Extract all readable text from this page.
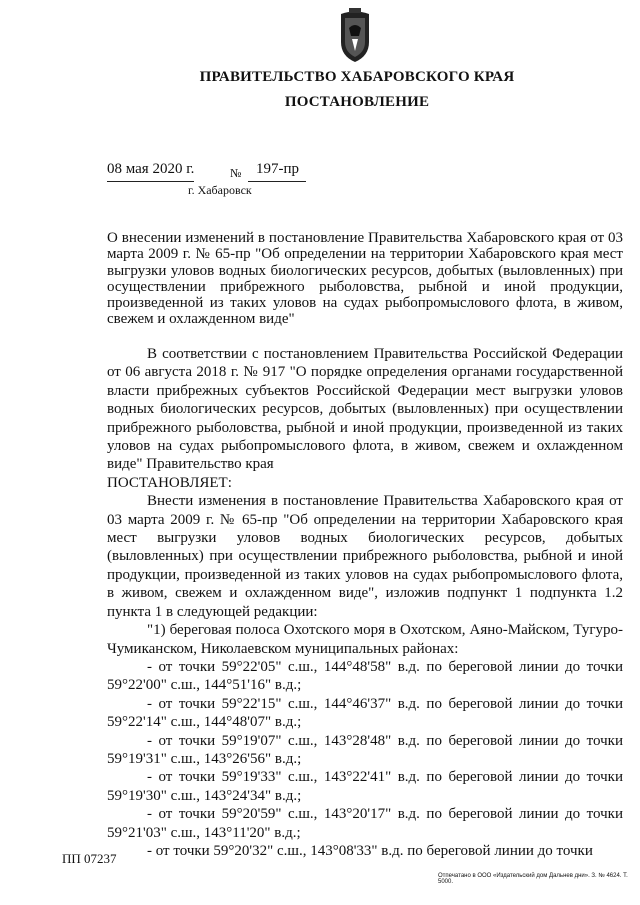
ПРАВИТЕЛЬСТВО ХАБАРОВСКОГО КРАЯ
ПОСТАНОВЛЕНИЕ
08 мая 2020 г.	№ 197-пр
г. Хабаровск
О внесении изменений в постановление Правительства Хабаровского края от 03 марта 2009 г. № 65-пр "Об определении на территории Хабаровского края мест выгрузки уловов водных биологических ресурсов, добытых (выловленных) при осуществлении прибрежного рыболовства, рыбной и иной продукции, произведенной из таких уловов на судах рыбопромыслового флота, в живом, свежем и охлажденном виде"

В соответствии с постановлением Правительства Российской Федерации от 06 августа 2018 г. № 917 "О порядке определения органами государственной власти прибрежных субъектов Российской Федерации мест выгрузки уловов водных биологических ресурсов, добытых (выловленных) при осуществлении прибрежного рыболовства, рыбной и иной продукции, произведенной из таких уловов на судах рыбопромыслового флота, в живом, свежем и охлажденном виде" Правительство края

ПОСТАНОВЛЯЕТ:

Внести изменения в постановление Правительства Хабаровского края от 03 марта 2009 г. № 65-пр "Об определении на территории Хабаровского края мест выгрузки уловов водных биологических ресурсов, добытых (выловленных) при осуществлении прибрежного рыболовства, рыбной и иной продукции, произведенной из таких уловов на судах рыбопромыслового флота, в живом, свежем и охлажденном виде", изложив подпункт 1 подпункта 1.2 пункта 1 в следующей редакции:

"1) береговая полоса Охотского моря в Охотском, Аяно-Майском, Тугуро-Чумиканском, Николаевском муниципальных районах:

- от точки 59°22'05" с.ш., 144°48'58" в.д. по береговой линии до точки 59°22'00" с.ш., 144°51'16" в.д.;

- от точки 59°22'15" с.ш., 144°46'37" в.д. по береговой линии до точки 59°22'14" с.ш., 144°48'07" в.д.;

- от точки 59°19'07" с.ш., 143°28'48" в.д. по береговой линии до точки 59°19'31" с.ш., 143°26'56" в.д.;

- от точки 59°19'33" с.ш., 143°22'41" в.д. по береговой линии до точки 59°19'30" с.ш., 143°24'34" в.д.;

- от точки 59°20'59" с.ш., 143°20'17" в.д. по береговой линии до точки 59°21'03" с.ш., 143°11'20" в.д.;

- от точки 59°20'32" с.ш., 143°08'33" в.д. по береговой линии до точки

ПП 07237
Отпечатано в ООО «Издательский дом Дальнев дни». З. № 4624. Т. 5000.
